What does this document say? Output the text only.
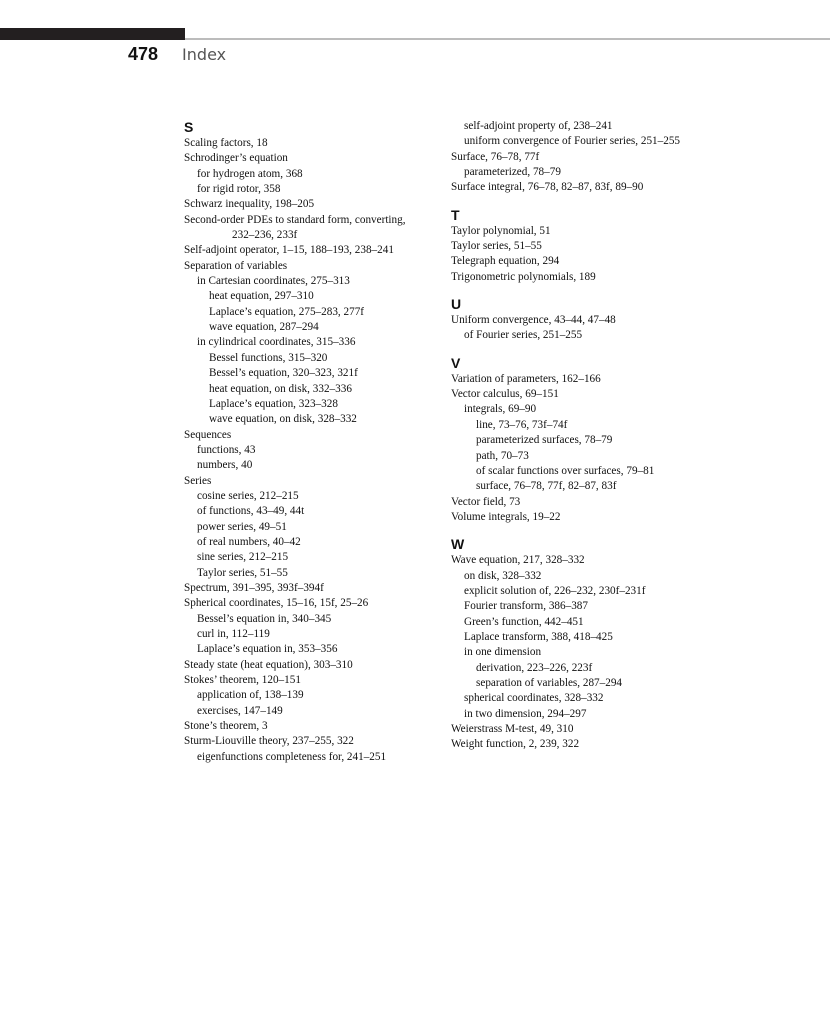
478 Index
S
Scaling factors, 18
Schrodinger’s equation
for hydrogen atom, 368
for rigid rotor, 358
Schwarz inequality, 198–205
Second-order PDEs to standard form, converting,
232–236, 233f
Self-adjoint operator, 1–15, 188–193, 238–241
Separation of variables
in Cartesian coordinates, 275–313
heat equation, 297–310
Laplace’s equation, 275–283, 277f
wave equation, 287–294
in cylindrical coordinates, 315–336
Bessel functions, 315–320
Bessel’s equation, 320–323, 321f
heat equation, on disk, 332–336
Laplace’s equation, 323–328
wave equation, on disk, 328–332
Sequences
functions, 43
numbers, 40
Series
cosine series, 212–215
of functions, 43–49, 44t
power series, 49–51
of real numbers, 40–42
sine series, 212–215
Taylor series, 51–55
Spectrum, 391–395, 393f–394f
Spherical coordinates, 15–16, 15f, 25–26
Bessel’s equation in, 340–345
curl in, 112–119
Laplace’s equation in, 353–356
Steady state (heat equation), 303–310
Stokes’ theorem, 120–151
application of, 138–139
exercises, 147–149
Stone’s theorem, 3
Sturm-Liouville theory, 237–255, 322
eigenfunctions completeness for, 241–251
self-adjoint property of, 238–241
uniform convergence of Fourier series, 251–255
Surface, 76–78, 77f
parameterized, 78–79
Surface integral, 76–78, 82–87, 83f, 89–90
T
Taylor polynomial, 51
Taylor series, 51–55
Telegraph equation, 294
Trigonometric polynomials, 189
U
Uniform convergence, 43–44, 47–48
of Fourier series, 251–255
V
Variation of parameters, 162–166
Vector calculus, 69–151
integrals, 69–90
line, 73–76, 73f–74f
parameterized surfaces, 78–79
path, 70–73
of scalar functions over surfaces, 79–81
surface, 76–78, 77f, 82–87, 83f
Vector field, 73
Volume integrals, 19–22
W
Wave equation, 217, 328–332
on disk, 328–332
explicit solution of, 226–232, 230f–231f
Fourier transform, 386–387
Green’s function, 442–451
Laplace transform, 388, 418–425
in one dimension
derivation, 223–226, 223f
separation of variables, 287–294
spherical coordinates, 328–332
in two dimension, 294–297
Weierstrass M-test, 49, 310
Weight function, 2, 239, 322
